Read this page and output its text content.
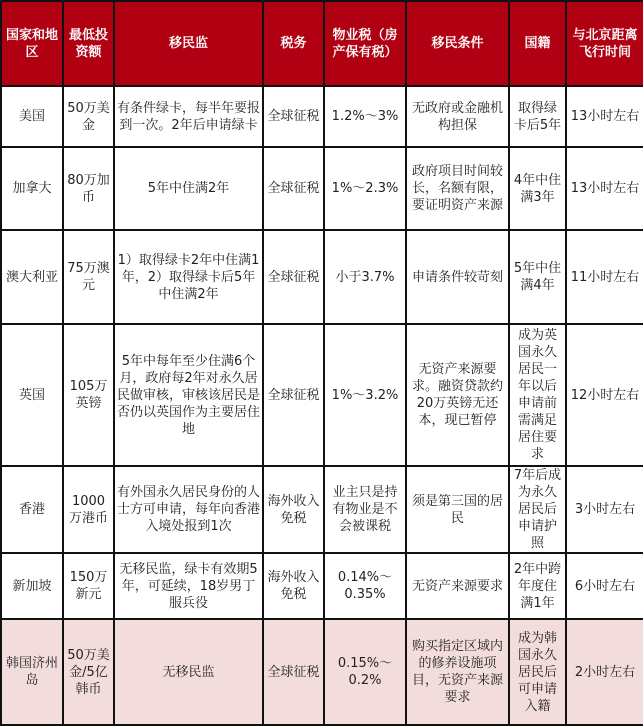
国家和地区	最低投资额	移民监	税务	物业税（房产保有税）	移民条件	国籍	与北京距离飞行时间
美国	50万美金	有条件绿卡，每半年要报到一次。2年后申请绿卡	全球征税	1.2%～3%	无政府或金融机构担保	取得绿卡后5年	13小时左右
加拿大	80万加币	5年中住满2年	全球征税	1%～2.3%	政府项目时间较长，名额有限，要证明资产来源	4年中住满3年	13小时左右
澳大利亚	75万澳元	1）取得绿卡2年中住满1年，2）取得绿卡后5年中住满2年	全球征税	小于3.7%	申请条件较苛刻	5年中住满4年	11小时左右
英国	105万英镑	5年中每年至少住满6个月，政府每2年对永久居民做审核，审核该居民是否仍以英国作为主要居住地	全球征税	1%～3.2%	无资产来源要求。融资贷款约20万英镑无还本，现已暂停	成为英国永久居民一年以后申请前需满足居住要求	12小时左右
香港	1000万港币	有外国永久居民身份的人士方可申请，每年向香港入境处报到1次	海外收入免税	业主只是持有物业是不会被课税	须是第三国的居民	7年后成为永久居民后申请护照	3小时左右
新加坡	150万新元	无移民监，绿卡有效期5年，可延续，18岁男丁服兵役	海外收入免税	0.14%～0.35%	无资产来源要求	2年中跨年度住满1年	6小时左右
韩国济州岛	50万美金/5亿韩币	无移民监	全球征税	0.15%～0.2%	购买指定区域内的修养设施项目，无资产来源要求	成为韩国永久居民后可申请入籍	2小时左右
